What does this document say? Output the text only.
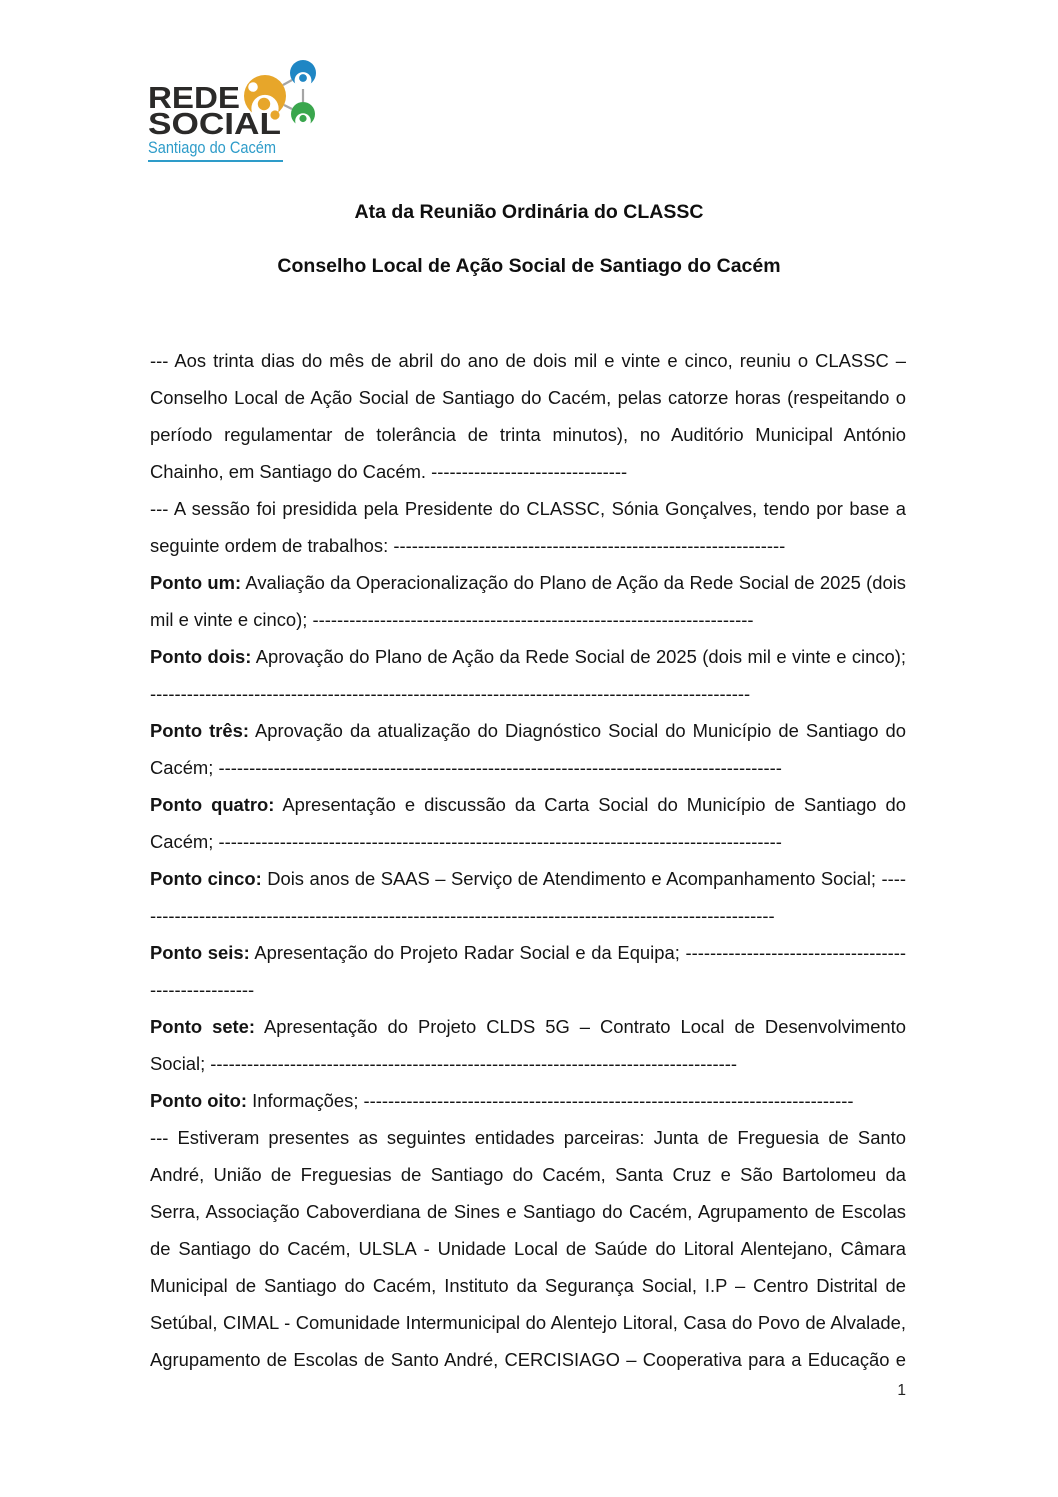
REDE
SOCIAL
Santiago do Cacém
Ata da Reunião Ordinária do CLASSC
Conselho Local de Ação Social de Santiago do Cacém

--- Aos trinta dias do mês de abril do ano de dois mil e vinte e cinco, reuniu o CLASSC – Conselho Local de Ação Social de Santiago do Cacém, pelas catorze horas (respeitando o período regulamentar de tolerância de trinta minutos), no Auditório Municipal António Chainho, em Santiago do Cacém. --------------------------------

--- A sessão foi presidida pela Presidente do CLASSC, Sónia Gonçalves, tendo por base a seguinte ordem de trabalhos: ----------------------------------------------------------------

Ponto um: Avaliação da Operacionalização do Plano de Ação da Rede Social de 2025 (dois mil e vinte e cinco); ------------------------------------------------------------------------

Ponto dois: Aprovação do Plano de Ação da Rede Social de 2025 (dois mil e vinte e cinco); --------------------------------------------------------------------------------------------------

Ponto três: Aprovação da atualização do Diagnóstico Social do Município de Santiago do Cacém; --------------------------------------------------------------------------------------------

Ponto quatro: Apresentação e discussão da Carta Social do Município de Santiago do Cacém; --------------------------------------------------------------------------------------------

Ponto cinco: Dois anos de SAAS – Serviço de Atendimento e Acompanhamento Social; ----------------------------------------------------------------------------------------------------------

Ponto seis: Apresentação do Projeto Radar Social e da Equipa; -----------------------------------------------------

Ponto sete: Apresentação do Projeto CLDS 5G – Contrato Local de Desenvolvimento Social; --------------------------------------------------------------------------------------

Ponto oito: Informações; --------------------------------------------------------------------------------

--- Estiveram presentes as seguintes entidades parceiras: Junta de Freguesia de Santo André, União de Freguesias de Santiago do Cacém, Santa Cruz e São Bartolomeu da Serra, Associação Caboverdiana de Sines e Santiago do Cacém, Agrupamento de Escolas de Santiago do Cacém, ULSLA - Unidade Local de Saúde do Litoral Alentejano, Câmara Municipal de Santiago do Cacém, Instituto da Segurança Social, I.P – Centro Distrital de Setúbal, CIMAL - Comunidade Intermunicipal do Alentejo Litoral, Casa do Povo de Alvalade, Agrupamento de Escolas de Santo André, CERCISIAGO – Cooperativa para a Educação e

1
